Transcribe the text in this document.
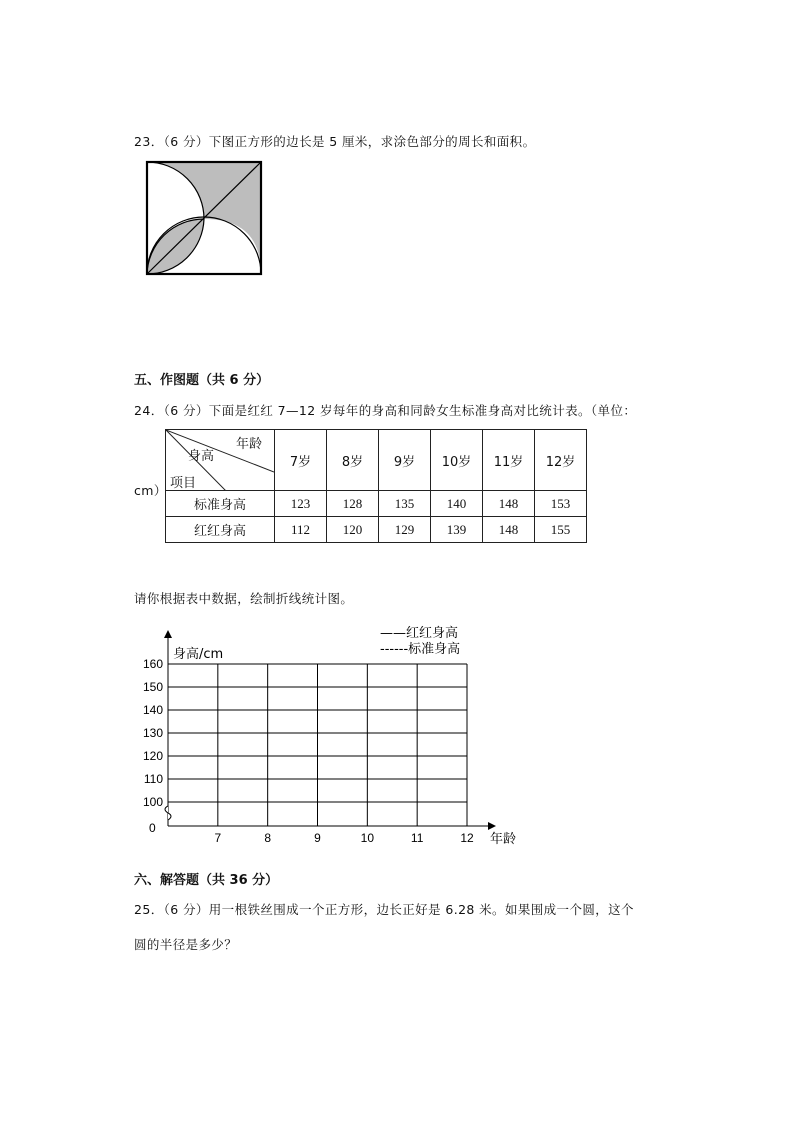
23．（6 分）下图正方形的边长是 5 厘米，求涂色部分的周长和面积。
五、作图题（共 6 分）
24．（6 分）下面是红红 7—12 岁每年的身高和同龄女生标准身高对比统计表。（单位：
cm）
年龄
身高
项目	7岁	8岁	9岁	10岁	11岁	12岁
标准身高	123	128	135	140	148	153
红红身高	112	120	129	139	148	155
请你根据表中数据，绘制折线统计图。
身高/cm
年龄
0
——红红身高
------标准身高
160
150
140
130
120
110
100
7	8	9	10	11	12
六、解答题（共 36 分）
25．（6 分）用一根铁丝围成一个正方形，边长正好是 6.28 米。如果围成一个圆，这个
圆的半径是多少？
